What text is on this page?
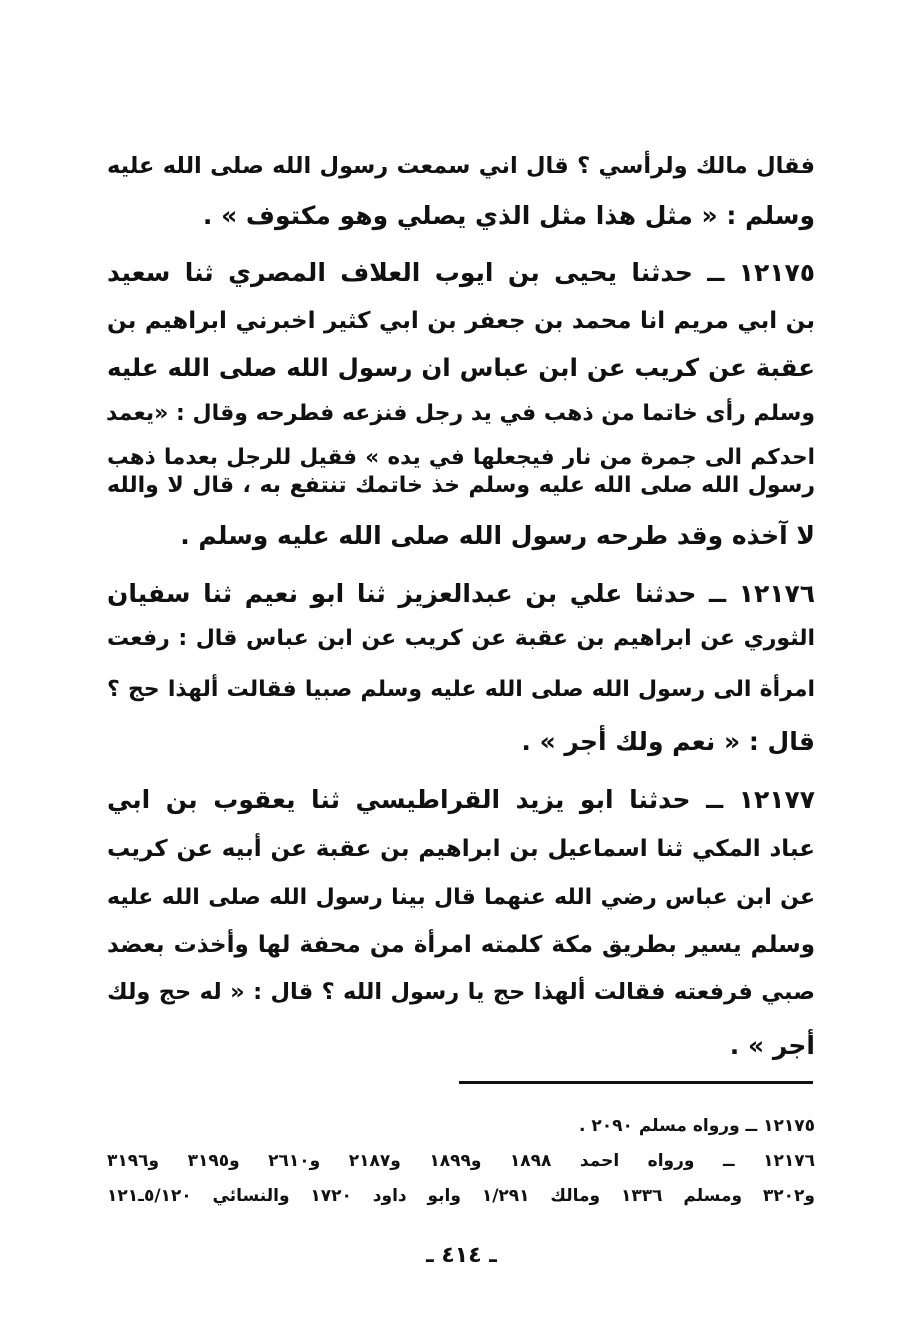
فقال مالك ولرأسي ؟ قال اني سمعت رسول الله صلى الله عليه
وسلم : « مثل هذا مثل الذي يصلي وهو مكتوف » .
١٢١٧٥ ــ حدثنا يحيى بن ايوب العلاف المصري ثنا سعيد
بن ابي مريم انا محمد بن جعفر بن ابي كثير اخبرني ابراهيم بن
عقبة عن كريب عن ابن عباس ان رسول الله صلى الله عليه
وسلم رأى خاتما من ذهب في يد رجل فنزعه فطرحه وقال : «يعمد
احدكم الى جمرة من نار فيجعلها في يده » فقيل للرجل بعدما ذهب
رسول الله صلى الله عليه وسلم خذ خاتمك تنتفع به ، قال لا والله
لا آخذه وقد طرحه رسول الله صلى الله عليه وسلم .
١٢١٧٦ ــ حدثنا علي بن عبدالعزيز ثنا ابو نعيم ثنا سفيان
الثوري عن ابراهيم بن عقبة عن كريب عن ابن عباس قال : رفعت
امرأة الى رسول الله صلى الله عليه وسلم صبيا فقالت ألهذا حج ؟
قال : « نعم ولك أجر » .
١٢١٧٧ ــ حدثنا ابو يزيد القراطيسي ثنا يعقوب بن ابي
عباد المكي ثنا اسماعيل بن ابراهيم بن عقبة عن أبيه عن كريب
عن ابن عباس رضي الله عنهما قال بينا رسول الله صلى الله عليه
وسلم يسير بطريق مكة كلمته امرأة من محفة لها وأخذت بعضد
صبي فرفعته فقالت ألهذا حج يا رسول الله ؟ قال : « له حج ولك
أجر » .
١٢١٧٥ ــ ورواه مسلم ٢٠٩٠ .
١٢١٧٦ ــ ورواه احمد ١٨٩٨ و١٨٩٩ و٢١٨٧ و٢٦١٠ و٣١٩٥ و٣١٩٦
و٣٢٠٢ ومسلم ١٣٣٦ ومالك ١/٢٩١ وابو داود ١٧٢٠ والنسائي ٥/١٢٠ـ١٢١
ـ ٤١٤ ـ
